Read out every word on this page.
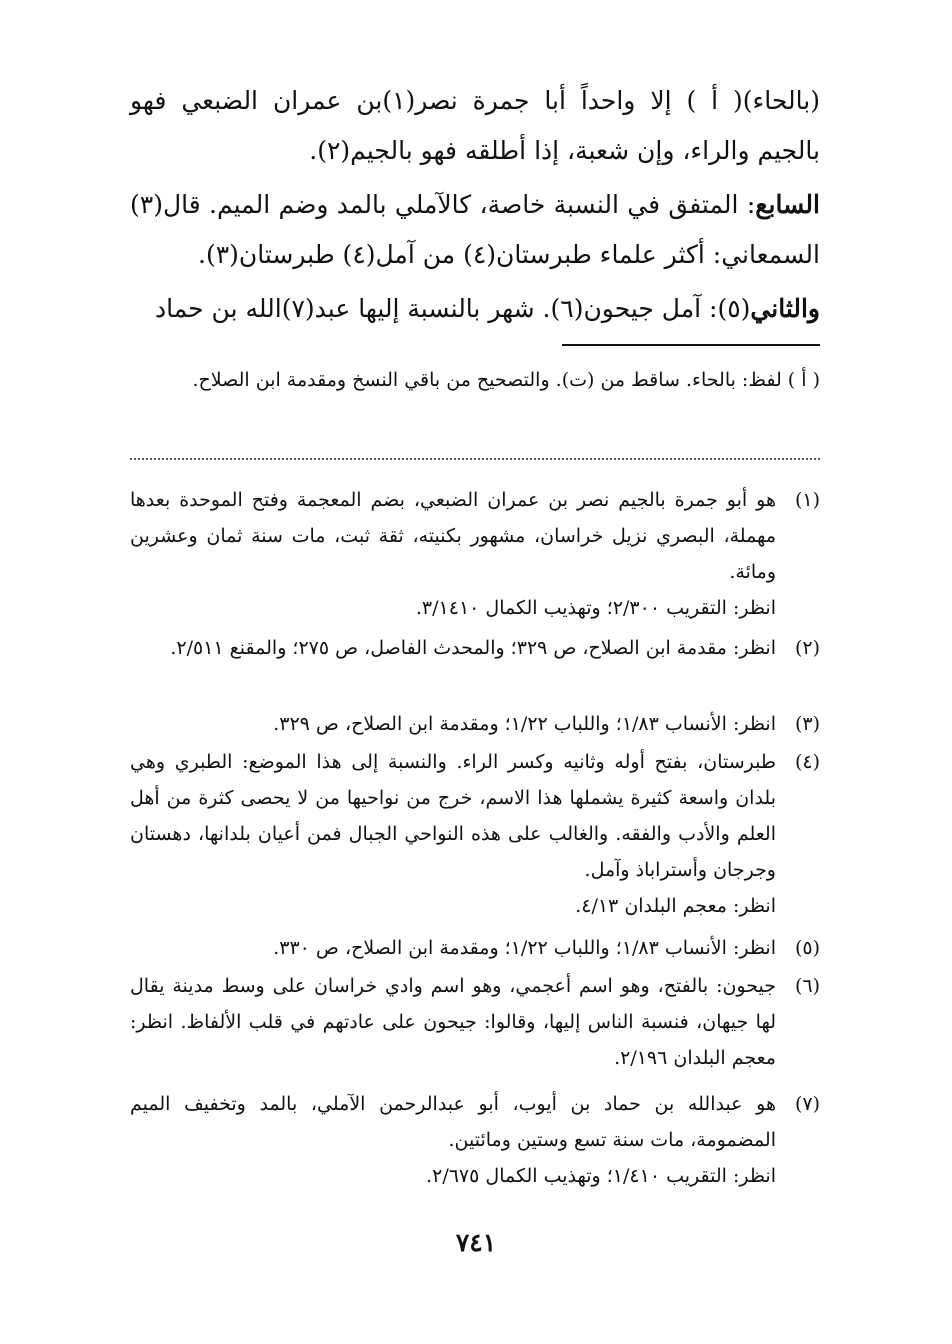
(بالحاء)( أ ) إلا واحداً أبا جمرة نصر(١)بن عمران الضبعي فهو بالجيم والراء، وإن شعبة، إذا أطلقه فهو بالجيم(٢).

السابع: المتفق في النسبة خاصة، كالآملي بالمد وضم الميم. قال(٣) السمعاني: أكثر علماء طبرستان(٤) من آمل(٤) طبرستان(٣).

والثاني(٥): آمل جيحون(٦). شهر بالنسبة إليها عبد(٧)الله بن حماد

( أ ) لفظ: بالحاء. ساقط من (ت). والتصحيح من باقي النسخ ومقدمة ابن الصلاح.

(١)
هو أبو جمرة بالجيم نصر بن عمران الضبعي، بضم المعجمة وفتح الموحدة بعدها مهملة، البصري نزيل خراسان، مشهور بكنيته، ثقة ثبت، مات سنة ثمان وعشرين ومائة.
انظر: التقريب ٢/٣٠٠؛ وتهذيب الكمال ٣/١٤١٠.
(٢)
انظر: مقدمة ابن الصلاح، ص ٣٢٩؛ والمحدث الفاصل، ص ٢٧٥؛ والمقنع ٢/٥١١.
(٣)
انظر: الأنساب ١/٨٣؛ واللباب ١/٢٢؛ ومقدمة ابن الصلاح، ص ٣٢٩.
(٤)
طبرستان، بفتح أوله وثانيه وكسر الراء. والنسبة إلى هذا الموضع: الطبري وهي بلدان واسعة كثيرة يشملها هذا الاسم، خرج من نواحيها من لا يحصى كثرة من أهل العلم والأدب والفقه. والغالب على هذه النواحي الجبال فمن أعيان بلدانها، دهستان وجرجان وأستراباذ وآمل.
انظر: معجم البلدان ٤/١٣.
(٥)
انظر: الأنساب ١/٨٣؛ واللباب ١/٢٢؛ ومقدمة ابن الصلاح، ص ٣٣٠.
(٦)
جيحون: بالفتح، وهو اسم أعجمي، وهو اسم وادي خراسان على وسط مدينة يقال لها جيهان، فنسبة الناس إليها، وقالوا: جيحون على عادتهم في قلب الألفاظ. انظر: معجم البلدان ٢/١٩٦.
(٧)
هو عبدالله بن حماد بن أيوب، أبو عبدالرحمن الآملي، بالمد وتخفيف الميم المضمومة، مات سنة تسع وستين ومائتين.
انظر: التقريب ١/٤١٠؛ وتهذيب الكمال ٢/٦٧٥.
٧٤١
